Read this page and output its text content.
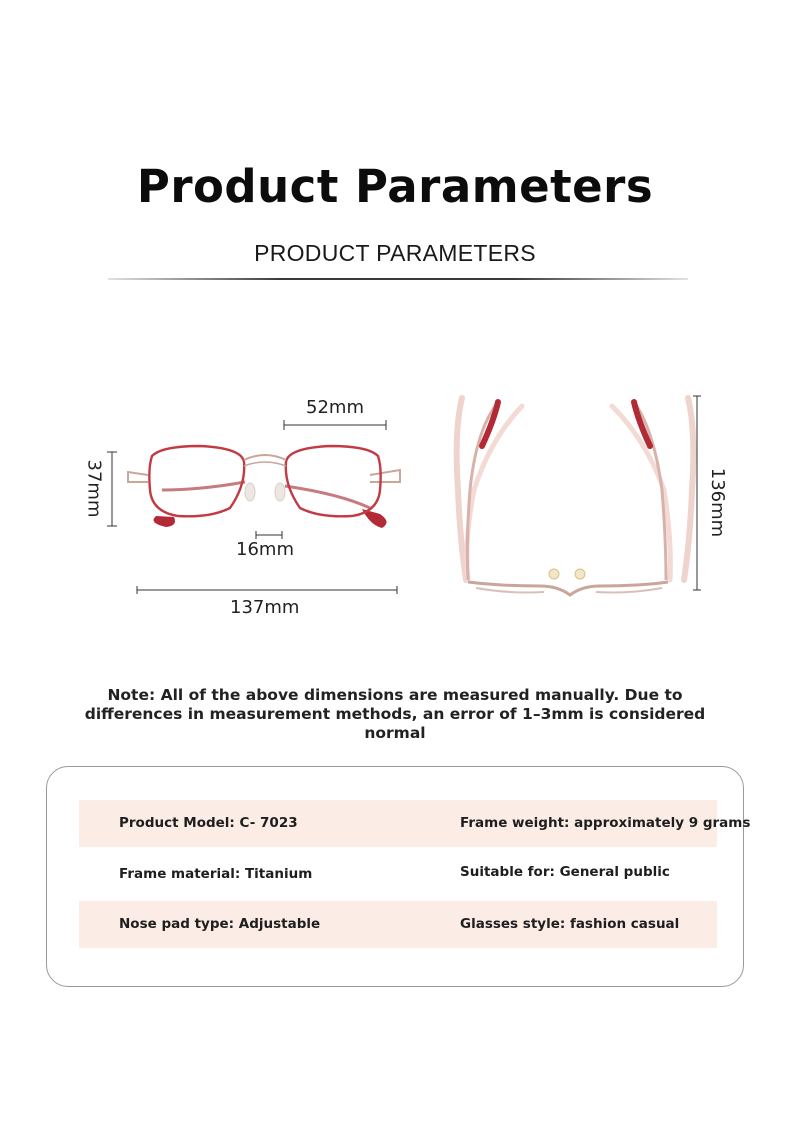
Product Parameters
PRODUCT PARAMETERS
52mm
37mm
16mm
137mm
136mm
Note: All of the above dimensions are measured manually. Due to differences in measurement methods, an error of 1–3mm is considered normal
Product Model: C- 7023	Frame weight: approximately 9 grams
Frame material: Titanium	Suitable for: General public
Nose pad type: Adjustable	Glasses style: fashion casual
